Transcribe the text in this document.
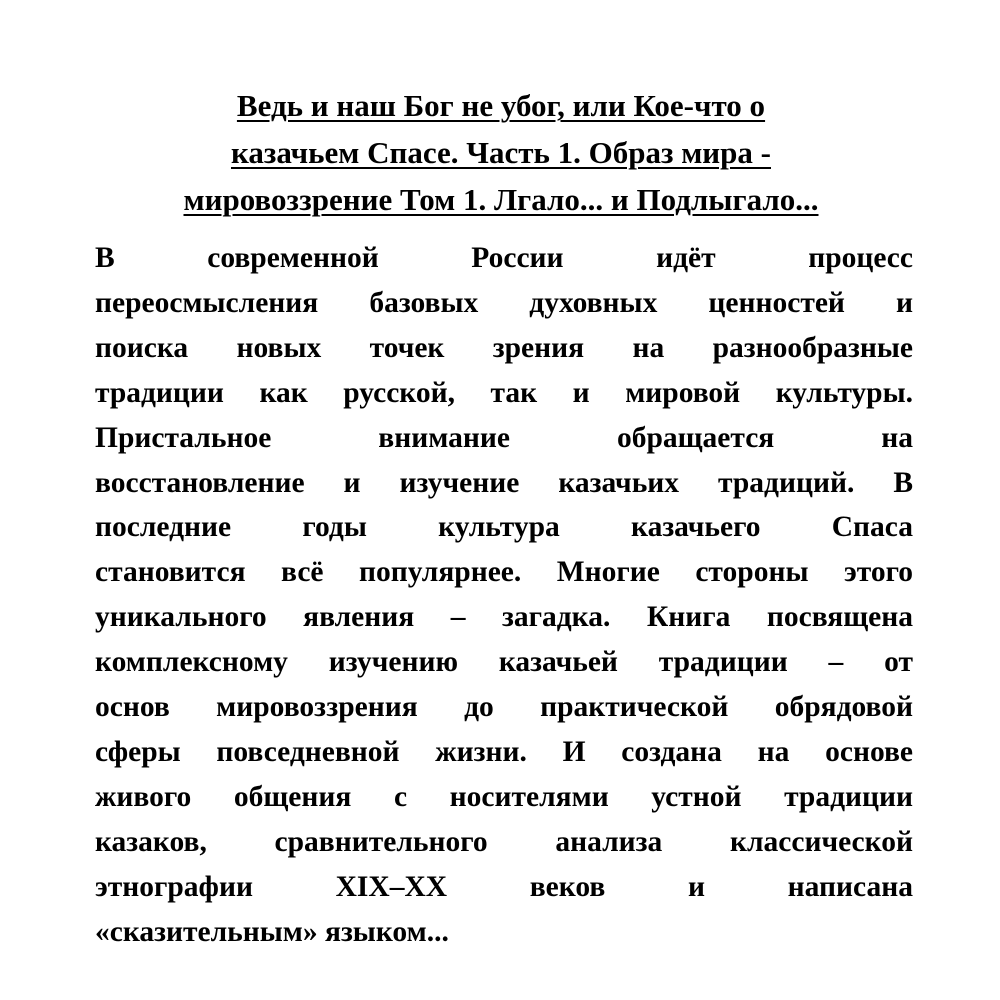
Ведь и наш Бог не убог, или Кое-что о
казачьем Спасе. Часть 1. Образ мира -
мировоззрение Том 1. Лгало... и Подлыгало...
В современной России идёт процесс
переосмысления базовых духовных ценностей и
поиска новых точек зрения на разнообразные
традиции как русской, так и мировой культуры.
Пристальное внимание обращается на
восстановление и изучение казачьих традиций. В
последние годы культура казачьего Спаса
становится всё популярнее. Многие стороны этого
уникального явления – загадка. Книга посвящена
комплексному изучению казачьей традиции – от
основ мировоззрения до практической обрядовой
сферы повседневной жизни. И создана на основе
живого общения с носителями устной традиции
казаков, сравнительного анализа классической
этнографии XIX–XX веков и написана
«сказительным» языком...
